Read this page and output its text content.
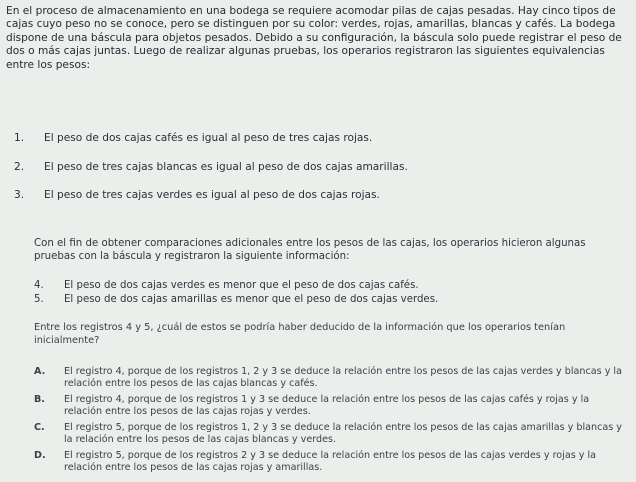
En el proceso de almacenamiento en una bodega se requiere acomodar pilas de cajas pesadas. Hay cinco tipos de cajas cuyo peso no se conoce, pero se distinguen por su color: verdes, rojas, amarillas, blancas y cafés. La bodega dispone de una báscula para objetos pesados. Debido a su configuración, la báscula solo puede registrar el peso de dos o más cajas juntas. Luego de realizar algunas pruebas, los operarios registraron las siguientes equivalencias entre los pesos:
1. El peso de dos cajas cafés es igual al peso de tres cajas rojas.
2. El peso de tres cajas blancas es igual al peso de dos cajas amarillas.
3. El peso de tres cajas verdes es igual al peso de dos cajas rojas.
Con el fin de obtener comparaciones adicionales entre los pesos de las cajas, los operarios hicieron algunas pruebas con la báscula y registraron la siguiente información:
4. El peso de dos cajas verdes es menor que el peso de dos cajas cafés.
5. El peso de dos cajas amarillas es menor que el peso de dos cajas verdes.
Entre los registros 4 y 5, ¿cuál de estos se podría haber deducido de la información que los operarios tenían inicialmente?
A. El registro 4, porque de los registros 1, 2 y 3 se deduce la relación entre los pesos de las cajas verdes y blancas y la relación entre los pesos de las cajas blancas y cafés.
B. El registro 4, porque de los registros 1 y 3 se deduce la relación entre los pesos de las cajas cafés y rojas y la relación entre los pesos de las cajas rojas y verdes.
C. El registro 5, porque de los registros 1, 2 y 3 se deduce la relación entre los pesos de las cajas amarillas y blancas y la relación entre los pesos de las cajas blancas y verdes.
D. El registro 5, porque de los registros 2 y 3 se deduce la relación entre los pesos de las cajas verdes y rojas y la relación entre los pesos de las cajas rojas y amarillas.
